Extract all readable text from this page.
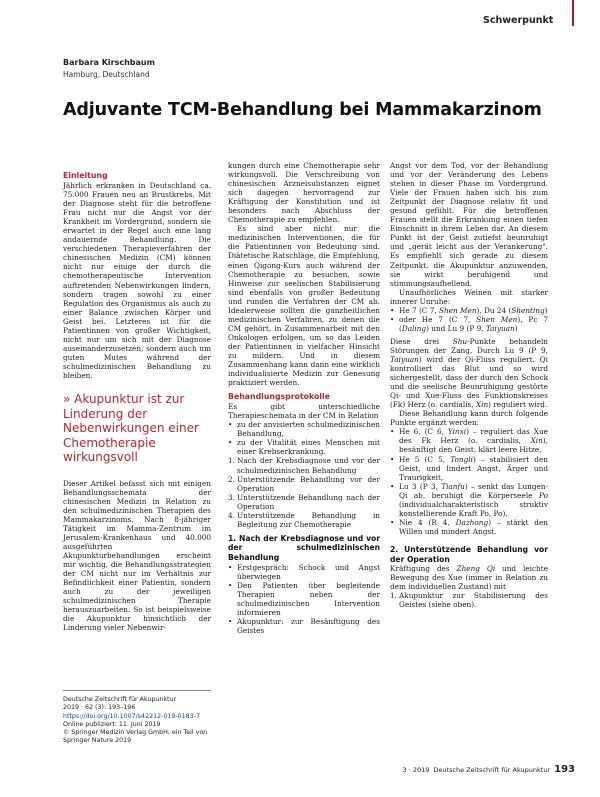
Schwerpunkt
Barbara Kirschbaum
Hamburg, Deutschland
Adjuvante TCM-Behandlung bei Mammakarzinom
Einleitung

Jährlich erkranken in Deutschland ca. 75.000 Frauen neu an Brustkrebs. Mit der Diagnose steht für die betroffene Frau nicht nur die Angst vor der Krankheit im Vordergrund, sondern sie erwartet in der Regel auch eine lang andauernde Behandlung. Die verschiedenen Therapieverfahren der chinesischen Medizin (CM) können nicht nur einige der durch die chemotherapeutische Intervention auftretenden Nebenwirkungen lindern, sondern tragen sowohl zu einer Regulation des Organismus als auch zu einer Balance zwischen Körper und Geist bei. Letzteres ist für die Patientinnen von großer Wichtigkeit, nicht nur um sich mit der Diagnose auseinanderzusetzen, sondern auch um guten Mutes während der schulmedizinischen Behandlung zu bleiben.

» Akupunktur ist zur Linderung der Nebenwirkungen einer Chemotherapie wirkungsvoll

Dieser Artikel befasst sich mit einigen Behandlungsschemata der chinesischen Medizin in Relation zu den schulmedizinischen Therapien des Mammakarzinoms. Nach 8-jähriger Tätigkeit im Mamma-Zentrum im Jerusalem-Krankenhaus und 40.000 ausgeführten Akupunkturbehandlungen erscheint mir wichtig, die Behandlungsstrategien der CM nicht nur im Verhältnis zur Befindlichkeit einer Patientin, sondern auch zu der jeweiligen schulmedizinischen Therapie herauszuarbeiten. So ist beispielsweise die Akupunktur hinsichtlich der Linderung vieler Nebenwir-

Deutsche Zeitschrift für Akupunktur
2019 · 62 (3): 193–196
https://doi.org/10.1007/s42212-019-0183-7
Online publiziert: 11. Juni 2019
© Springer Medizin Verlag GmbH, ein Teil von Springer Nature 2019

kungen durch eine Chemotherapie sehr wirkungsvoll. Die Verschreibung von chinesischen Arzneisubstanzen eignet sich dagegen hervorragend zur Kräftigung der Konstitution und ist besonders nach Abschluss der Chemotherapie zu empfehlen.

Es sind aber nicht nur die medizinischen Interventionen, die für die Patientinnen von Bedeutung sind. Diätetische Ratschläge, die Empfehlung, einen Qigong-Kurs auch während der Chemotherapie zu besuchen, sowie Hinweise zur seelischen Stabilisierung sind ebenfalls von großer Bedeutung und runden die Verfahren der CM ab. Idealerweise sollten die ganzheitlichen medizinischen Verfahren, zu denen die CM gehört, in Zusammenarbeit mit den Onkologen erfolgen, um so das Leiden der Patientinnen in vielfacher Hinsicht zu mildern. Und in diesem Zusammenhang kann dann eine wirklich individualisierte Medizin zur Genesung praktiziert werden.

Behandlungsprotokolle

Es gibt unterschiedliche Therapieschemata in der CM in Relation

• zu der anvisierten schulmedizinischen Behandlung,
• zu der Vitalität eines Menschen mit einer Krebserkrankung.
1. Nach der Krebsdiagnose und vor der schulmedizinischen Behandlung
2. Unterstützende Behandlung vor der Operation
3. Unterstützende Behandlung nach der Operation
4. Unterstützende Behandlung in Begleitung zur Chemotherapie
1. Nach der Krebsdiagnose und vor der schulmedizinischen Behandlung
• Erstgespräch: Schock und Angst überwiegen
• Den Patienten über begleitende Therapien neben der schulmedizinischen Intervention informieren
• Akupunktur: zur Besänftigung des Geistes

Angst vor dem Tod, vor der Behandlung und vor der Veränderung des Lebens stehen in dieser Phase im Vordergrund. Viele der Frauen haben sich bis zum Zeitpunkt der Diagnose relativ fit und gesund gefühlt. Für die betroffenen Frauen stellt die Erkrankung einen tiefen Einschnitt in ihrem Leben dar. An diesem Punkt ist der Geist zutiefst beunruhigt und „gerät leicht aus der Verankerung". Es empfiehlt sich gerade zu diesem Zeitpunkt, die Akupunktur anzuwenden, sie wirkt beruhigend und stimmungsaufhellend.

Unaufhörliches Weinen mit starker innerer Unruhe:

• He 7 (C 7, Shen Men), Du 24 (Shenting)
• oder He 7 (C 7, Shen Men), Pc 7 (Daling) und Lu 9 (P 9, Taiyuan)

Diese drei Shu-Punkte behandeln Störungen der Zang. Durch Lu 9 (P 9, Taiyuan) wird der Qi-Fluss reguliert. Qi kontrolliert das Blut und so wird sichergestellt, dass der durch den Schock und die seelische Beunruhigung gestörte Qi- und Xue-Fluss des Funktionskreises (Fk) Herz (o. cardialis, Xin) reguliert wird.

Diese Behandlung kann durch folgende Punkte ergänzt werden:

• He 6, (C 6, Yinxi) – reguliert das Xue des Fk Herz (o. cardialis, Xin), besänftigt den Geist, klärt leere Hitze,
• He 5 (C 5, Tongli) – stabilisiert den Geist, und lindert Angst, Ärger und Traurigkeit,
• Lu 3 (P 3, Tianfu) – senkt das Lungen-Qi ab, beruhigt die Körperseele Po (individualcharakteristisch struktiv konstellierende Kraft Po, Po),
• Nie 4 (R 4, Dazhong) – stärkt den Willen und mindert Angst.
2. Unterstützende Behandlung vor der Operation

Kräftigung des Zheng Qi und leichte Bewegung des Xue (immer in Relation zu dem individuellen Zustand) mit

1. Akupunktur zur Stabilisierung des Geistes (siehe oben).
3 · 2019 Deutsche Zeitschrift für Akupunktur 193
